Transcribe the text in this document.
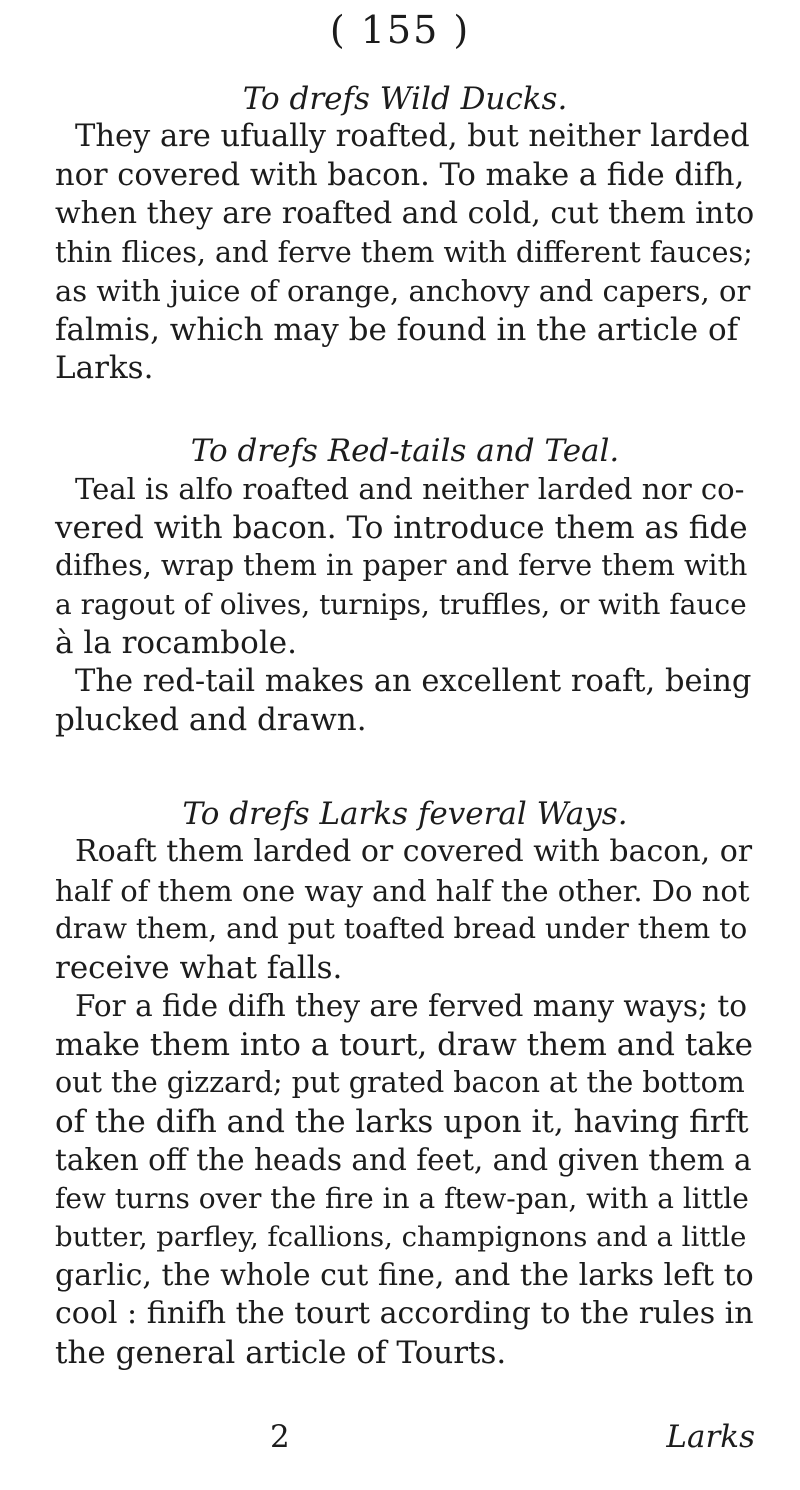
( 155 )
To drefs Wild Ducks.
They are ufually roafted, but neither larded
nor covered with bacon. To make a fide difh,
when they are roafted and cold, cut them into
thin flices, and ferve them with different fauces;
as with juice of orange, anchovy and capers, or
falmis, which may be found in the article of
Larks.
To drefs Red-tails and Teal.
Teal is alfo roafted and neither larded nor co-
vered with bacon. To introduce them as fide
difhes, wrap them in paper and ferve them with
a ragout of olives, turnips, truffles, or with fauce
à la rocambole.
The red-tail makes an excellent roaft, being
plucked and drawn.
To drefs Larks feveral Ways.
Roaft them larded or covered with bacon, or
half of them one way and half the other. Do not
draw them, and put toafted bread under them to
receive what falls.
For a fide difh they are ferved many ways; to
make them into a tourt, draw them and take
out the gizzard; put grated bacon at the bottom
of the difh and the larks upon it, having firft
taken off the heads and feet, and given them a
few turns over the fire in a ftew-pan, with a little
butter, parfley, fcallions, champignons and a little
garlic, the whole cut fine, and the larks left to
cool : finifh the tourt according to the rules in
the general article of Tourts.
2	Larks
